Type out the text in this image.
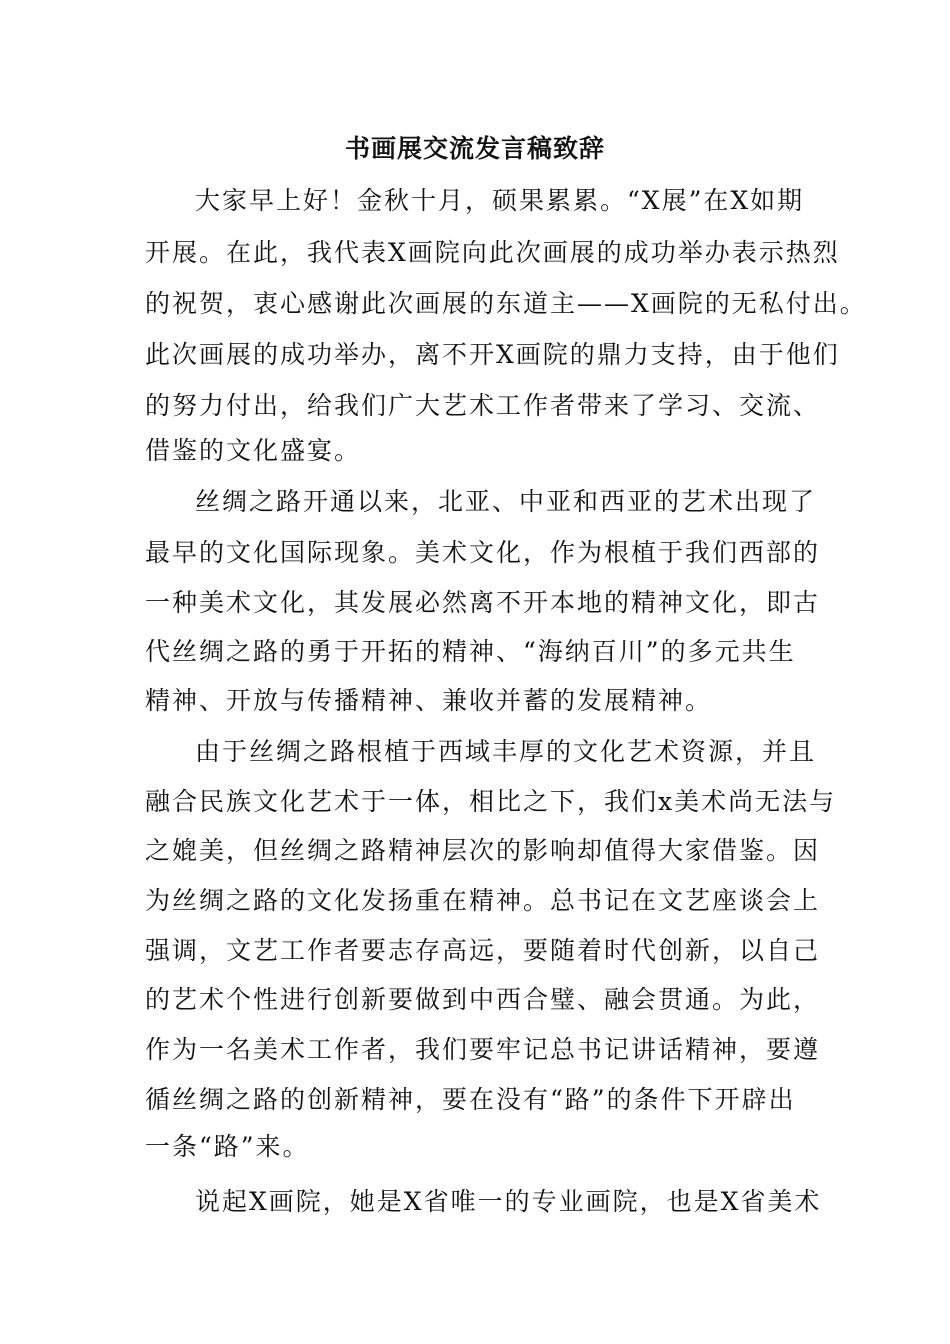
书画展交流发言稿致辞
大家早上好！金秋十月，硕果累累。“X展”在X如期
开展。在此，我代表X画院向此次画展的成功举办表示热烈
的祝贺，衷心感谢此次画展的东道主——X画院的无私付出。
此次画展的成功举办，离不开X画院的鼎力支持，由于他们
的努力付出，给我们广大艺术工作者带来了学习、交流、
借鉴的文化盛宴。
丝绸之路开通以来，北亚、中亚和西亚的艺术出现了
最早的文化国际现象。美术文化，作为根植于我们西部的
一种美术文化，其发展必然离不开本地的精神文化，即古
代丝绸之路的勇于开拓的精神、“海纳百川”的多元共生
精神、开放与传播精神、兼收并蓄的发展精神。
由于丝绸之路根植于西域丰厚的文化艺术资源，并且
融合民族文化艺术于一体，相比之下，我们x美术尚无法与
之媲美，但丝绸之路精神层次的影响却值得大家借鉴。因
为丝绸之路的文化发扬重在精神。总书记在文艺座谈会上
强调，文艺工作者要志存高远，要随着时代创新，以自己
的艺术个性进行创新要做到中西合璧、融会贯通。为此，
作为一名美术工作者，我们要牢记总书记讲话精神，要遵
循丝绸之路的创新精神，要在没有“路”的条件下开辟出
一条“路”来。
说起X画院，她是X省唯一的专业画院，也是X省美术
